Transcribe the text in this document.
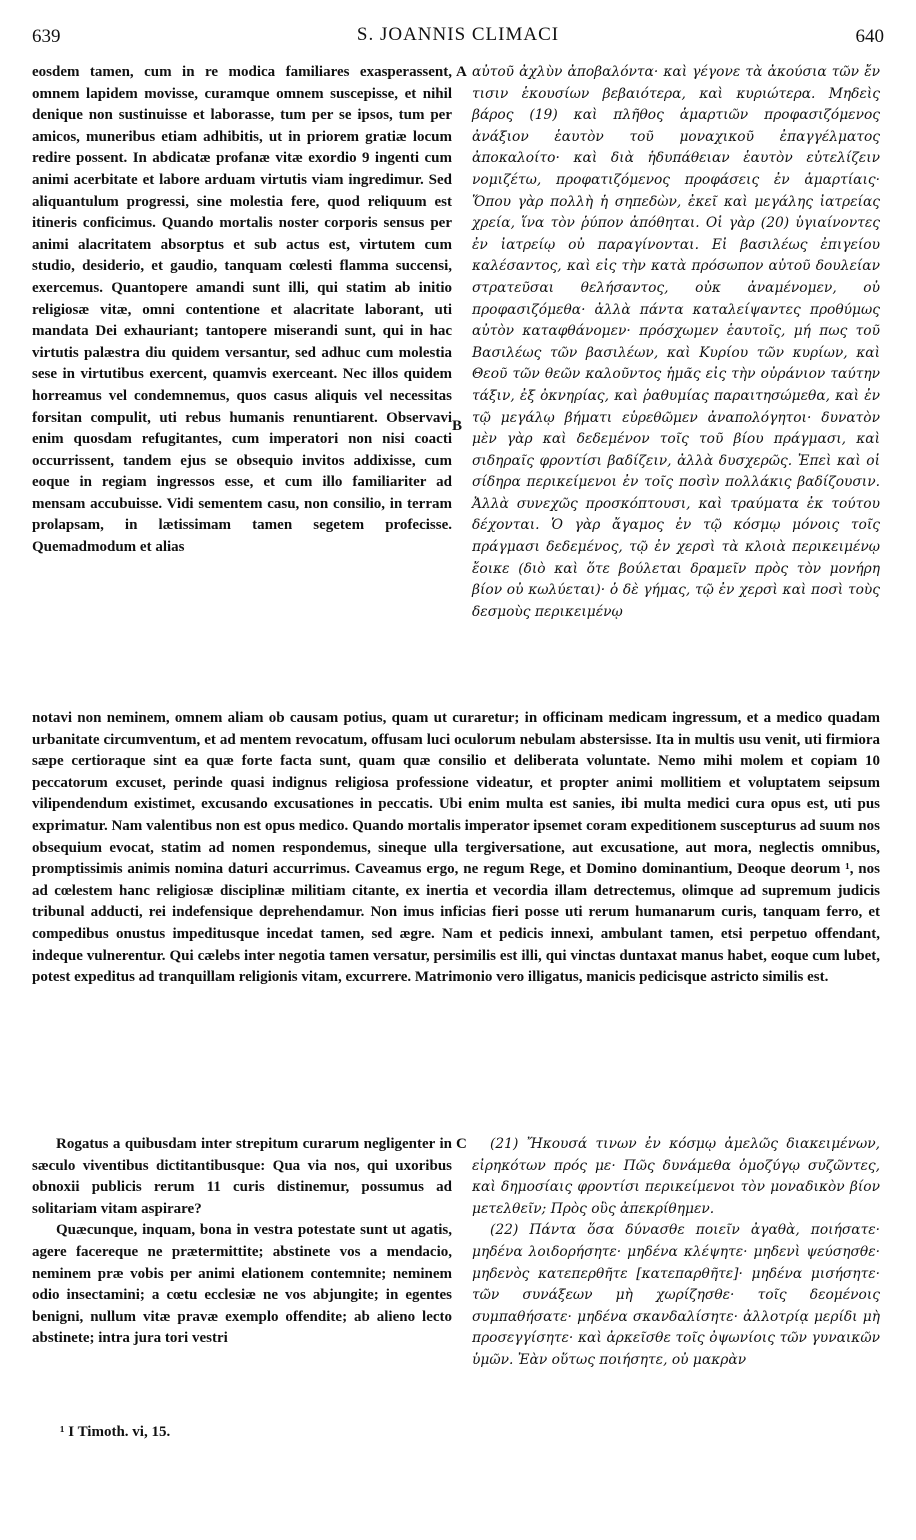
639	S. JOANNIS CLIMACI	640

eosdem tamen, cum in re modica familiares exasperassent, omnem lapidem movisse, curamque omnem suscepisse, et nihil denique non sustinuisse et laborasse, tum per se ipsos, tum per amicos, muneribus etiam adhibitis, ut in priorem gratiæ locum redire possent. In abdicatæ profanæ vitæ exordio 9 ingenti cum animi acerbitate et labore arduam virtutis viam ingredimur. Sed aliquantulum progressi, sine molestia fere, quod reliquum est itineris conficimus. Quando mortalis noster corporis sensus per animi alacritatem absorptus et sub actus est, virtutem cum studio, desiderio, et gaudio, tanquam cœlesti flamma succensi, exercemus. Quantopere amandi sunt illi, qui statim ab initio religiosæ vitæ, omni contentione et alacritate laborant, uti mandata Dei exhauriant; tantopere miserandi sunt, qui in hac virtutis palæstra diu quidem versantur, sed adhuc cum molestia sese in virtutibus exercent, quamvis exerceant. Nec illos quidem horreamus vel condemnemus, quos casus aliquis vel necessitas forsitan compulit, uti rebus humanis renuntiarent. Observavi enim quosdam refugitantes, cum imperatori non nisi coacti occurrissent, tandem ejus se obsequio invitos addixisse, cum eoque in regiam ingressos esse, et cum illo familiariter ad mensam accubuisse. Vidi sementem casu, non consilio, in terram prolapsam, in lætissimam tamen segetem profecisse. Quemadmodum et alias

A
B

αὐτοῦ ἀχλὺν ἀποβαλόντα· καὶ γέγονε τὰ ἀκούσια τῶν ἔν τισιν ἑκουσίων βεβαιότερα, καὶ κυριώτερα. Μηδεὶς βάρος (19) καὶ πλῆθος ἁμαρτιῶν προφασιζόμενος ἀνάξιον ἑαυτὸν τοῦ μοναχικοῦ ἐπαγγέλματος ἀποκαλοίτο· καὶ διὰ ἡδυπάθειαν ἑαυτὸν εὐτελίζειν νομιζέτω, προφατιζόμενος προφάσεις ἐν ἁμαρτίαις· Ὅπου γὰρ πολλὴ ἡ σηπεδὼν, ἐκεῖ καὶ μεγάλης ἰατρείας χρεία, ἵνα τὸν ῥύπον ἀπόθηται. Οἱ γὰρ (20) ὑγιαίνοντες ἐν ἰατρείῳ οὐ παραγίνονται. Εἰ βασιλέως ἐπιγείου καλέσαντος, καὶ εἰς τὴν κατὰ πρόσωπον αὐτοῦ δουλείαν στρατεῦσαι θελήσαντος, οὐκ ἀναμένομεν, οὐ προφασιζόμεθα· ἀλλὰ πάντα καταλείψαντες προθύμως αὐτὸν καταφθάνομεν· πρόσχωμεν ἑαυτοῖς, μή πως τοῦ Βασιλέως τῶν βασιλέων, καὶ Κυρίου τῶν κυρίων, καὶ Θεοῦ τῶν θεῶν καλοῦντος ἡμᾶς εἰς τὴν οὐράνιον ταύτην τάξιν, ἐξ ὀκνηρίας, καὶ ῥαθυμίας παραιτησώμεθα, καὶ ἐν τῷ μεγάλῳ βήματι εὑρεθῶμεν ἀναπολόγητοι· δυνατὸν μὲν γὰρ καὶ δεδεμένον τοῖς τοῦ βίου πράγμασι, καὶ σιδηραῖς φροντίσι βαδίζειν, ἀλλὰ δυσχερῶς. Ἐπεὶ καὶ οἱ σίδηρα περικείμενοι ἐν τοῖς ποσὶν πολλάκις βαδίζουσιν. Ἀλλὰ συνεχῶς προσκόπτουσι, καὶ τραύματα ἐκ τούτου δέχονται. Ὁ γὰρ ἄγαμος ἐν τῷ κόσμῳ μόνοις τοῖς πράγμασι δεδεμένος, τῷ ἐν χερσὶ τὰ κλοιὰ περικειμένῳ ἔοικε (διὸ καὶ ὅτε βούλεται δραμεῖν πρὸς τὸν μονήρη βίον οὐ κωλύεται)· ὁ δὲ γήμας, τῷ ἐν χερσὶ καὶ ποσὶ τοὺς δεσμοὺς περικειμένῳ

notavi non neminem, omnem aliam ob causam potius, quam ut curaretur; in officinam medicam ingressum, et a medico quadam urbanitate circumventum, et ad mentem revocatum, offusam luci oculorum nebulam abstersisse. Ita in multis usu venit, uti firmiora sæpe certioraque sint ea quæ forte facta sunt, quam quæ consilio et deliberata voluntate. Nemo mihi molem et copiam 10 peccatorum excuset, perinde quasi indignus religiosa professione videatur, et propter animi mollitiem et voluptatem seipsum vilipendendum existimet, excusando excusationes in peccatis. Ubi enim multa est sanies, ibi multa medici cura opus est, uti pus exprimatur. Nam valentibus non est opus medico. Quando mortalis imperator ipsemet coram expeditionem suscepturus ad suum nos obsequium evocat, statim ad nomen respondemus, sineque ulla tergiversatione, aut excusatione, aut mora, neglectis omnibus, promptissimis animis nomina daturi accurrimus. Caveamus ergo, ne regum Rege, et Domino dominantium, Deoque deorum ¹, nos ad cœlestem hanc religiosæ disciplinæ militiam citante, ex inertia et vecordia illam detrectemus, olimque ad supremum judicis tribunal adducti, rei indefensique deprehendamur. Non imus inficias fieri posse uti rerum humanarum curis, tanquam ferro, et compedibus onustus impeditusque incedat tamen, sed ægre. Nam et pedicis innexi, ambulant tamen, etsi perpetuo offendant, indeque vulnerentur. Qui cælebs inter negotia tamen versatur, persimilis est illi, qui vinctas duntaxat manus habet, eoque cum lubet, potest expeditus ad tranquillam religionis vitam, excurrere. Matrimonio vero illigatus, manicis pedicisque astricto similis est.

Rogatus a quibusdam inter strepitum curarum negligenter in sæculo viventibus dictitantibusque: Qua via nos, qui uxoribus obnoxii publicis rerum 11 curis distinemur, possumus ad solitariam vitam aspirare?

Quæcunque, inquam, bona in vestra potestate sunt ut agatis, agere facereque ne prætermittite; abstinete vos a mendacio, neminem præ vobis per animi elationem contemnite; neminem odio insectamini; a cœtu ecclesiæ ne vos abjungite; in egentes benigni, nullum vitæ pravæ exemplo offendite; ab alieno lecto abstinete; intra jura tori vestri

C	(21) Ἤκουσά τινων ἐν κόσμῳ ἀμελῶς διακειμένων, εἰρηκότων πρός με· Πῶς δυνάμεθα ὁμοζύγῳ συζῶντες, καὶ δημοσίαις φροντίσι περικείμενοι τὸν μοναδικὸν βίον μετελθεῖν; Πρὸς οὓς ἀπεκρίθημεν.

(22) Πάντα ὅσα δύνασθε ποιεῖν ἀγαθὰ, ποιήσατε· μηδένα λοιδορήσητε· μηδένα κλέψητε· μηδενὶ ψεύσησθε· μηδενὸς κατεπερθῆτε [κατεπαρθῆτε]· μηδένα μισήσητε· τῶν συνάξεων μὴ χωρίζησθε· τοῖς δεομένοις συμπαθήσατε· μηδένα σκανδαλίσητε· ἀλλοτρίᾳ μερίδι μὴ προσεγγίσητε· καὶ ἀρκεῖσθε τοῖς ὀψωνίοις τῶν γυναικῶν ὑμῶν. Ἐὰν οὕτως ποιήσητε, οὐ μακρὰν

¹ I Timoth. vi, 15.
